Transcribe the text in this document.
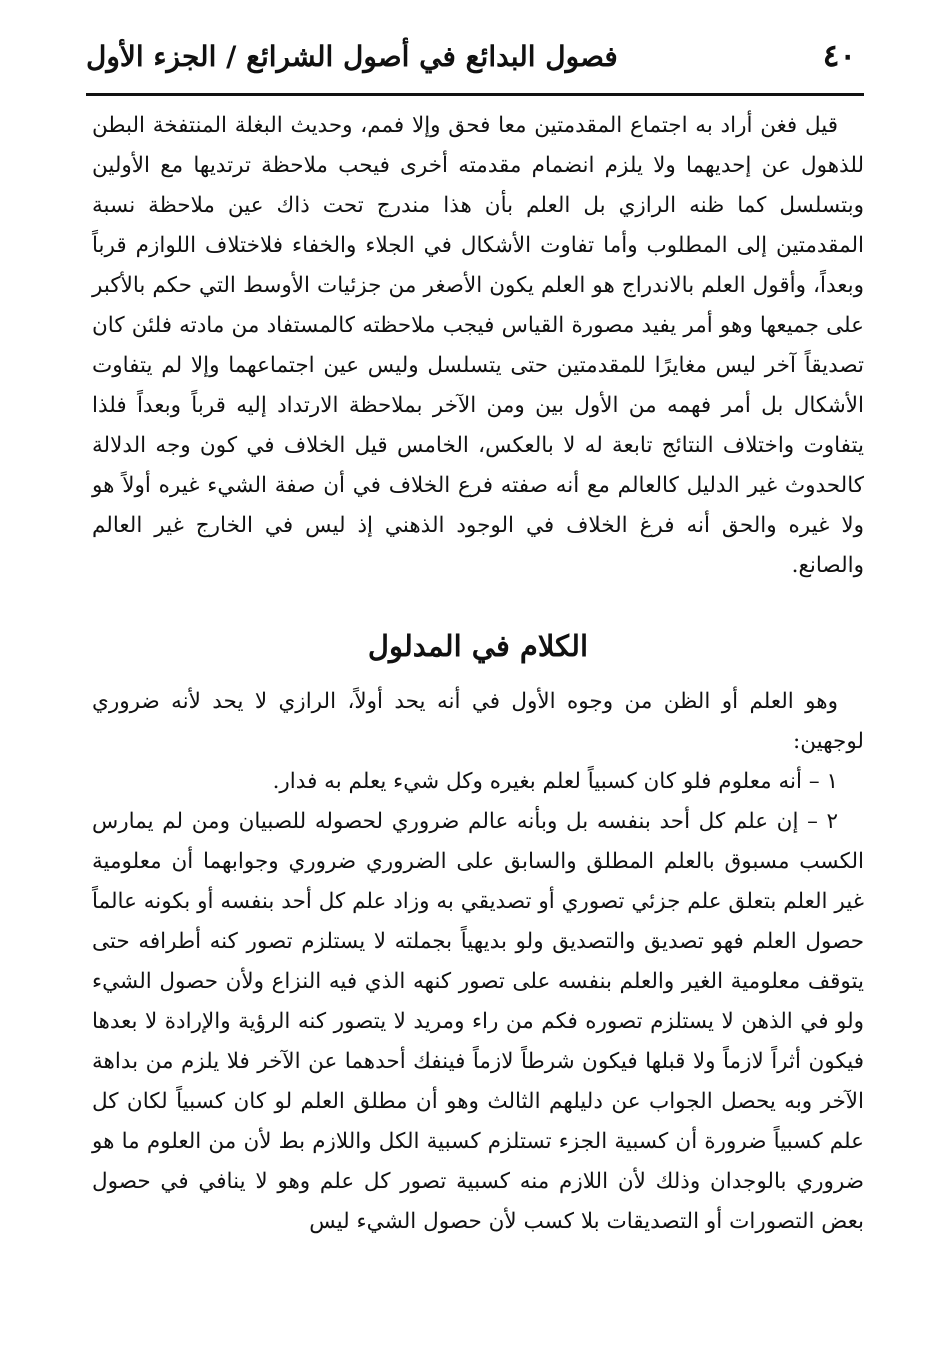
٤٠
فصول البدائع في أصول الشرائع / الجزء الأول

قيل فغن أراد به اجتماع المقدمتين معا فحق وإلا فمم، وحديث البغلة المنتفخة البطن للذهول عن إحديهما ولا يلزم انضمام مقدمته أخرى فيحب ملاحظة ترتديها مع الأولين وبتسلسل كما ظنه الرازي بل العلم بأن هذا مندرج تحت ذاك عين ملاحظة نسبة المقدمتين إلى المطلوب وأما تفاوت الأشكال في الجلاء والخفاء فلاختلاف اللوازم قرباً وبعداً، وأقول العلم بالاندراج هو العلم يكون الأصغر من جزئيات الأوسط التي حكم بالأكبر على جميعها وهو أمر يفيد مصورة القياس فيجب ملاحظته كالمستفاد من مادته فلئن كان تصديقاً آخر ليس مغايرًا للمقدمتين حتى يتسلسل وليس عين اجتماعهما وإلا لم يتفاوت الأشكال بل أمر فهمه من الأول بين ومن الآخر بملاحظة الارتداد إليه قرباً وبعداً فلذا يتفاوت واختلاف النتائج تابعة له لا بالعكس، الخامس قيل الخلاف في كون وجه الدلالة كالحدوث غير الدليل كالعالم مع أنه صفته فرع الخلاف في أن صفة الشيء غيره أولاً هو ولا غيره والحق أنه فرغ الخلاف في الوجود الذهني إذ ليس في الخارج غير العالم والصانع.

الكلام في المدلول

وهو العلم أو الظن من وجوه الأول في أنه يحد أولاً، الرازي لا يحد لأنه ضروري لوجهين:

١ – أنه معلوم فلو كان كسبياً لعلم بغيره وكل شيء يعلم به فدار.

٢ – إن علم كل أحد بنفسه بل وبأنه عالم ضروري لحصوله للصبيان ومن لم يمارس الكسب مسبوق بالعلم المطلق والسابق على الضروري ضروري وجوابهما أن معلومية غير العلم بتعلق علم جزئي تصوري أو تصديقي به وزاد علم كل أحد بنفسه أو بكونه عالماً حصول العلم فهو تصديق والتصديق ولو بديهياً بجملته لا يستلزم تصور كنه أطرافه حتى يتوقف معلومية الغير والعلم بنفسه على تصور كنهه الذي فيه النزاع ولأن حصول الشيء ولو في الذهن لا يستلزم تصوره فكم من راء ومريد لا يتصور كنه الرؤية والإرادة لا بعدها فيكون أثراً لازماً ولا قبلها فيكون شرطاً لازماً فينفك أحدهما عن الآخر فلا يلزم من بداهة الآخر وبه يحصل الجواب عن دليلهم الثالث وهو أن مطلق العلم لو كان كسبياً لكان كل علم كسبياً ضرورة أن كسبية الجزء تستلزم كسبية الكل واللازم بط لأن من العلوم ما هو ضروري بالوجدان وذلك لأن اللازم منه كسبية تصور كل علم وهو لا ينافي في حصول بعض التصورات أو التصديقات بلا كسب لأن حصول الشيء ليس
